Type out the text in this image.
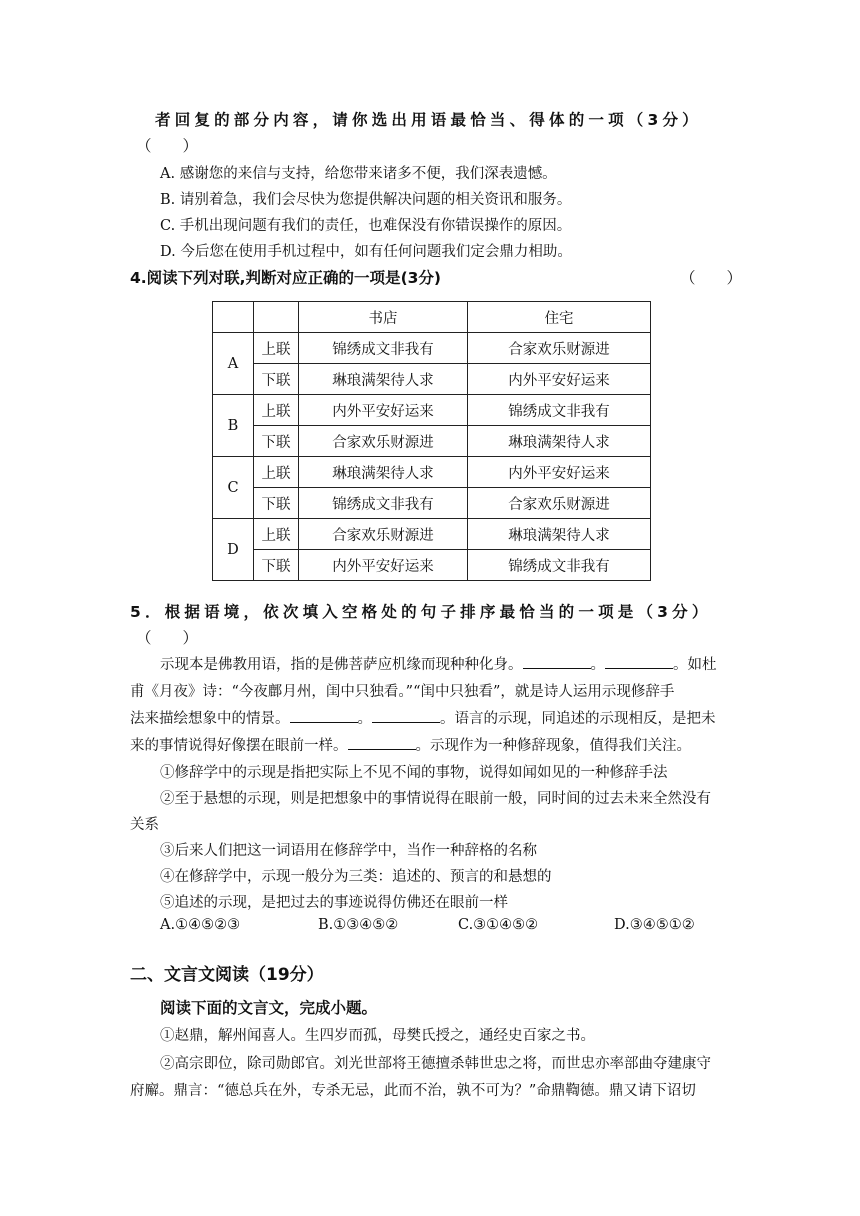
者回复的部分内容，请你选出用语最恰当、得体的一项（3分）
（　　）
A. 感谢您的来信与支持，给您带来诸多不便，我们深表遗憾。
B. 请别着急，我们会尽快为您提供解决问题的相关资讯和服务。
C. 手机出现问题有我们的责任，也难保没有你错误操作的原因。
D. 今后您在使用手机过程中，如有任何问题我们定会鼎力相助。
4.阅读下列对联,判断对应正确的一项是(3分)	（　　）
		书店	住宅
A	上联	锦绣成文非我有	合家欢乐财源进
	下联	琳琅满架待人求	内外平安好运来
B	上联	内外平安好运来	锦绣成文非我有
	下联	合家欢乐财源进	琳琅满架待人求
C	上联	琳琅满架待人求	内外平安好运来
	下联	锦绣成文非我有	合家欢乐财源进
D	上联	合家欢乐财源进	琳琅满架待人求
	下联	内外平安好运来	锦绣成文非我有
5．根据语境，依次填入空格处的句子排序最恰当的一项是（3分）
（　　）
示现本是佛教用语，指的是佛菩萨应机缘而现种种化身。	。	。如杜
甫《月夜》诗：“今夜鄜月州，闺中只独看。”“闺中只独看”，就是诗人运用示现修辞手
法来描绘想象中的情景。	。	。语言的示现，同追述的示现相反，是把未
来的事情说得好像摆在眼前一样。	。示现作为一种修辞现象，值得我们关注。
①修辞学中的示现是指把实际上不见不闻的事物，说得如闻如见的一种修辞手法
②至于悬想的示现，则是把想象中的事情说得在眼前一般，同时间的过去未来全然没有
关系
③后来人们把这一词语用在修辞学中，当作一种辞格的名称
④在修辞学中，示现一般分为三类：追述的、预言的和悬想的
⑤追述的示现，是把过去的事迹说得仿佛还在眼前一样
A.①④⑤②③	B.①③④⑤②	C.③①④⑤②	D.③④⑤①②
二、文言文阅读（19分）
阅读下面的文言文，完成小题。
①赵鼎，解州闻喜人。生四岁而孤，母樊氏授之，通经史百家之书。
②高宗即位，除司勋郎官。刘光世部将王德擅杀韩世忠之将，而世忠亦率部曲夺建康守
府廨。鼎言：“德总兵在外，专杀无忌，此而不治，孰不可为？”命鼎鞫德。鼎又请下诏切
